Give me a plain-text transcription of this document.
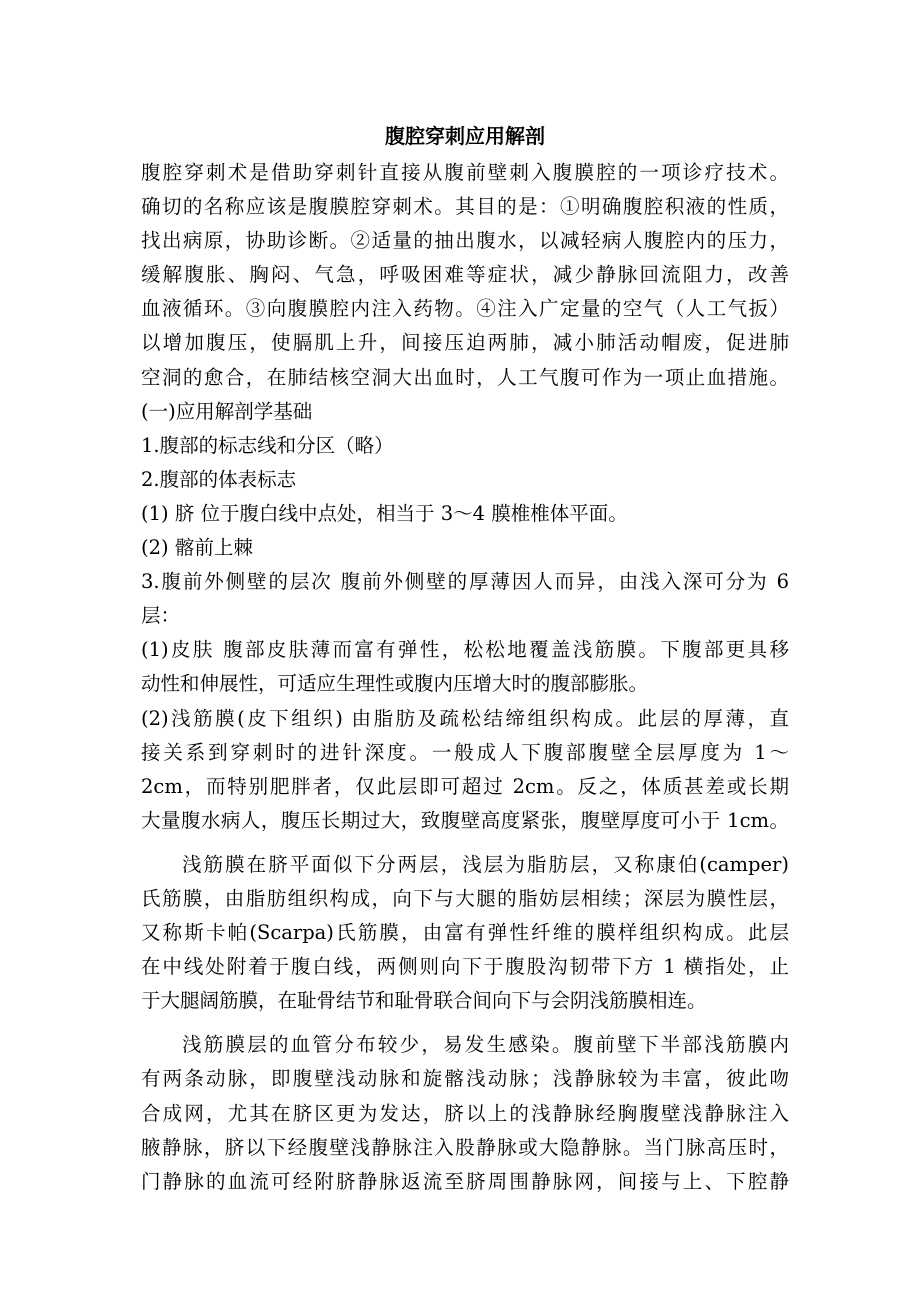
腹腔穿刺应用解剖
腹腔穿刺术是借助穿刺针直接从腹前壁刺入腹膜腔的一项诊疗技术。
确切的名称应该是腹膜腔穿刺术。其目的是：①明确腹腔积液的性质，
找出病原，协助诊断。②适量的抽出腹水，以减轻病人腹腔内的压力，
缓解腹胀、胸闷、气急，呼吸困难等症状，减少静脉回流阻力，改善
血液循环。③向腹膜腔内注入药物。④注入广定量的空气（人工气扳）
以增加腹压，使膈肌上升，间接压迫两肺，减小肺活动帽废，促进肺
空洞的愈合，在肺结核空洞大出血时，人工气腹可作为一项止血措施。
(一)应用解剖学基础
1.腹部的标志线和分区（略）
2.腹部的体表标志
(1) 脐 位于腹白线中点处，相当于 3～4 膜椎椎体平面。
(2) 髂前上棘
3.腹前外侧壁的层次 腹前外侧壁的厚薄因人而异，由浅入深可分为 6
层：
(1)皮肤 腹部皮肤薄而富有弹性，松松地覆盖浅筋膜。下腹部更具移
动性和伸展性，可适应生理性或腹内压增大时的腹部膨胀。
(2)浅筋膜(皮下组织) 由脂肪及疏松结缔组织构成。此层的厚薄，直
接关系到穿刺时的进针深度。一般成人下腹部腹壁全层厚度为 1～
2cm，而特别肥胖者，仅此层即可超过 2cm。反之，体质甚差或长期
大量腹水病人，腹压长期过大，致腹壁高度紧张，腹壁厚度可小于 1cm。
浅筋膜在脐平面似下分两层，浅层为脂肪层，又称康伯(camper)
氏筋膜，由脂肪组织构成，向下与大腿的脂妨层相续；深层为膜性层，
又称斯卡帕(Scarpa)氏筋膜，由富有弹性纤维的膜样组织构成。此层
在中线处附着于腹白线，两侧则向下于腹股沟韧带下方 1 横指处，止
于大腿阔筋膜，在耻骨结节和耻骨联合间向下与会阴浅筋膜相连。
浅筋膜层的血管分布较少，易发生感染。腹前壁下半部浅筋膜内
有两条动脉，即腹壁浅动脉和旋髂浅动脉；浅静脉较为丰富，彼此吻
合成网，尤其在脐区更为发达，脐以上的浅静脉经胸腹壁浅静脉注入
腋静脉，脐以下经腹壁浅静脉注入股静脉或大隐静脉。当门脉高压时，
门静脉的血流可经附脐静脉返流至脐周围静脉网，间接与上、下腔静
